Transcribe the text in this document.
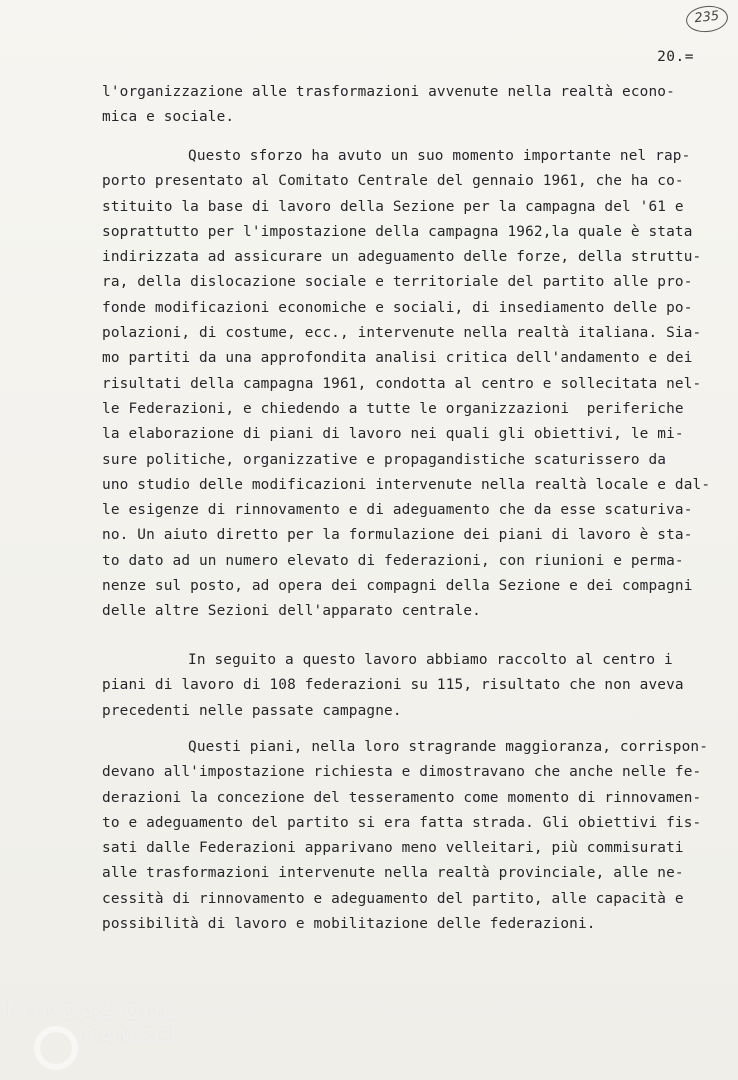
235
20.=
l'organizzazione alle trasformazioni avvenute nella realtà econo-
mica e sociale.
Questo sforzo ha avuto un suo momento importante nel rap-
porto presentato al Comitato Centrale del gennaio 1961, che ha co-
stituito la base di lavoro della Sezione per la campagna del '61 e
soprattutto per l'impostazione della campagna 1962,la quale è stata
indirizzata ad assicurare un adeguamento delle forze, della struttu-
ra, della dislocazione sociale e territoriale del partito alle pro-
fonde modificazioni economiche e sociali, di insediamento delle po-
polazioni, di costume, ecc., intervenute nella realtà italiana. Sia-
mo partiti da una approfondita analisi critica dell'andamento e dei
risultati della campagna 1961, condotta al centro e sollecitata nel-
le Federazioni, e chiedendo a tutte le organizzazioni  periferiche
la elaborazione di piani di lavoro nei quali gli obiettivi, le mi-
sure politiche, organizzative e propagandistiche scaturissero da
uno studio delle modificazioni intervenute nella realtà locale e dal-
le esigenze di rinnovamento e di adeguamento che da esse scaturiva-
no. Un aiuto diretto per la formulazione dei piani di lavoro è sta-
to dato ad un numero elevato di federazioni, con riunioni e perma-
nenze sul posto, ad opera dei compagni della Sezione e dei compagni
delle altre Sezioni dell'apparato centrale.
In seguito a questo lavoro abbiamo raccolto al centro i
piani di lavoro di 108 federazioni su 115, risultato che non aveva
precedenti nelle passate campagne.
Questi piani, nella loro stragrande maggioranza, corrispon-
devano all'impostazione richiesta e dimostravano che anche nelle fe-
derazioni la concezione del tesseramento come momento di rinnovamen-
to e adeguamento del partito si era fatta strada. Gli obiettivi fis-
sati dalle Federazioni apparivano meno velleitari, più commisurati
alle trasformazioni intervenute nella realtà provinciale, alle ne-
cessità di rinnovamento e adeguamento del partito, alle capacità e
possibilità di lavoro e mobilitazione delle federazioni.
FONDAZIONE
RAMSCI
